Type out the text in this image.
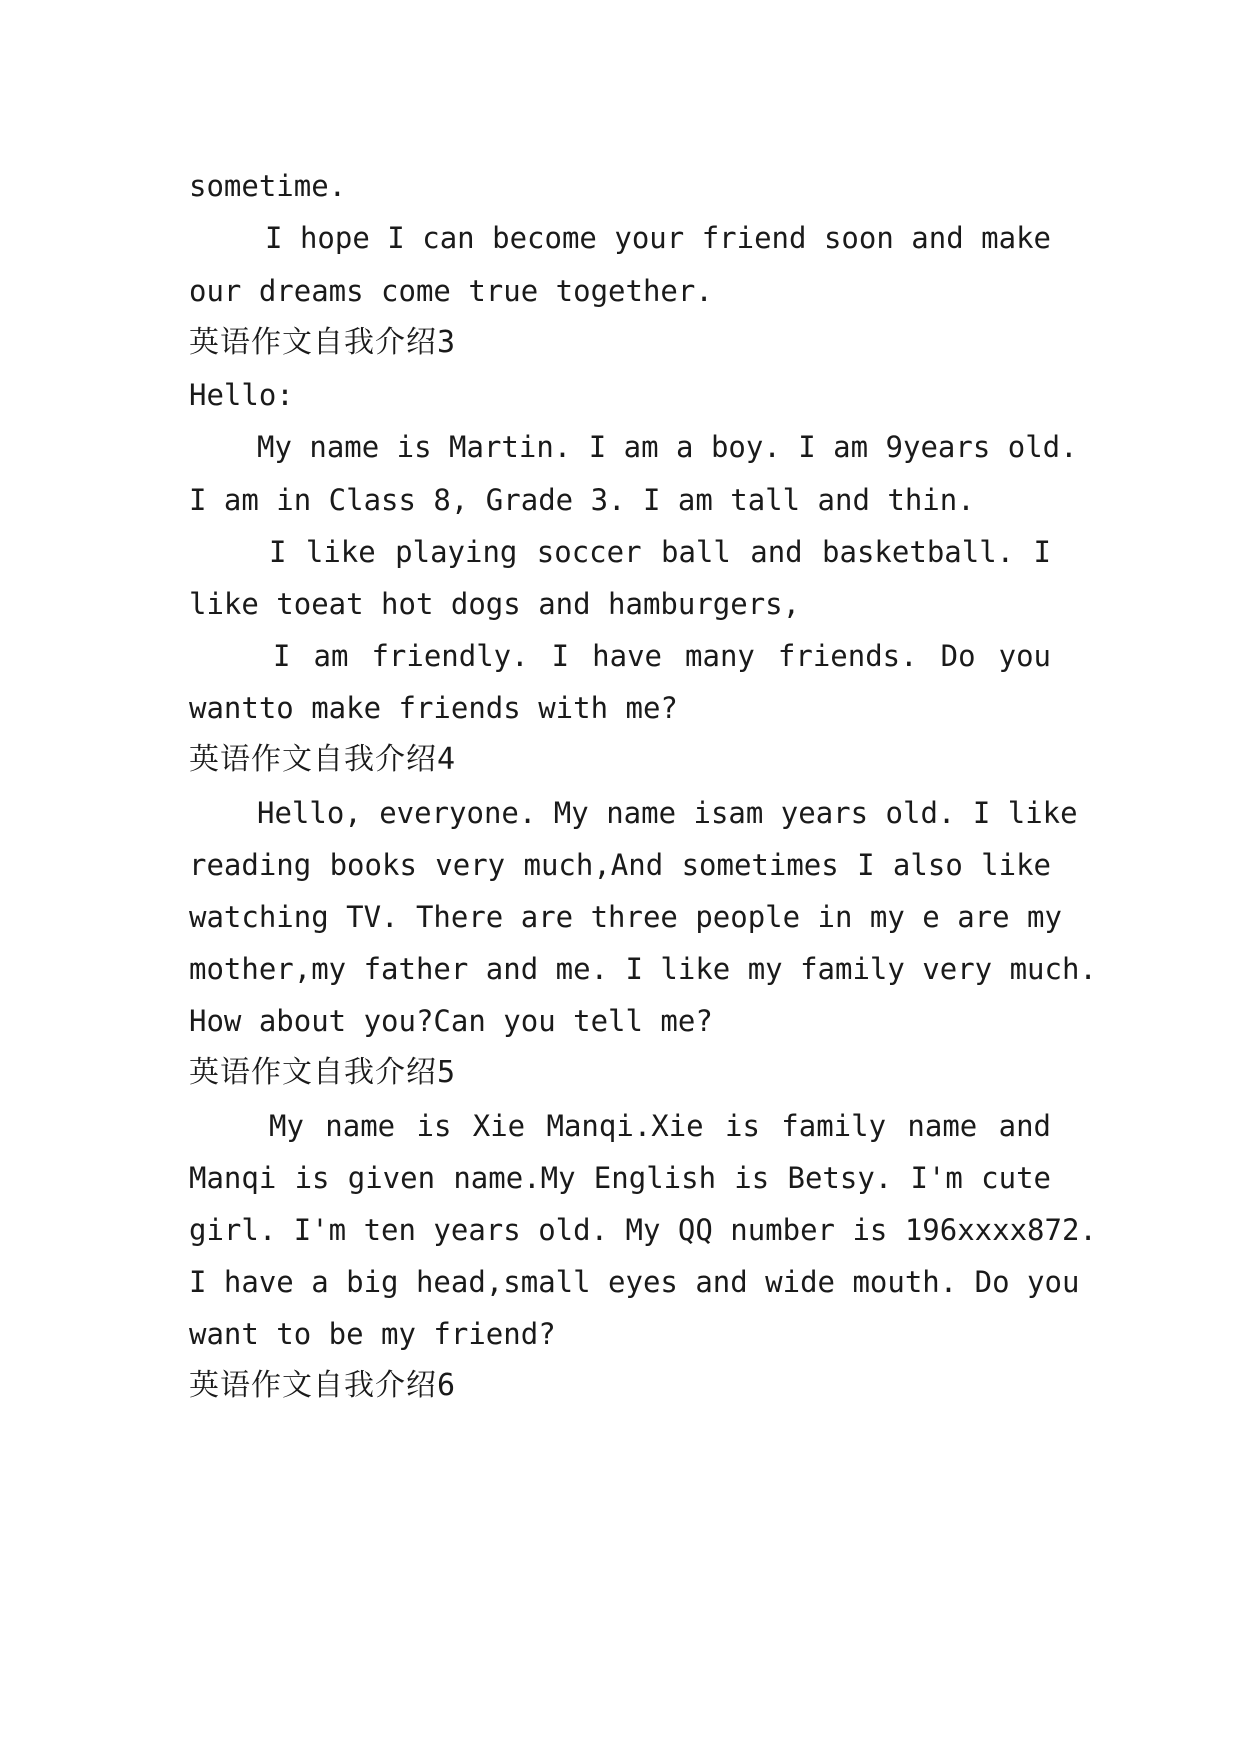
sometime.
I hope I can become your friend soon and make
our dreams come true together.
英语作文自我介绍3
Hello:
My name is Martin. I am a boy. I am 9years old.
I am in Class 8, Grade 3. I am tall and thin.
I like playing soccer ball and basketball. I
like toeat hot dogs and hamburgers,
I am friendly. I have many friends. Do you
wantto make friends with me?
英语作文自我介绍4
Hello, everyone. My name isam years old. I like
reading books very much,And sometimes I also like
watching TV. There are three people in my e are my
mother,my father and me. I like my family very much.
How about you?Can you tell me?
英语作文自我介绍5
My name is Xie Manqi.Xie is family name and
Manqi is given name.My English is Betsy. I'm cute
girl. I'm ten years old. My QQ number is 196xxxx872.
I have a big head,small eyes and wide mouth. Do you
want to be my friend?
英语作文自我介绍6
